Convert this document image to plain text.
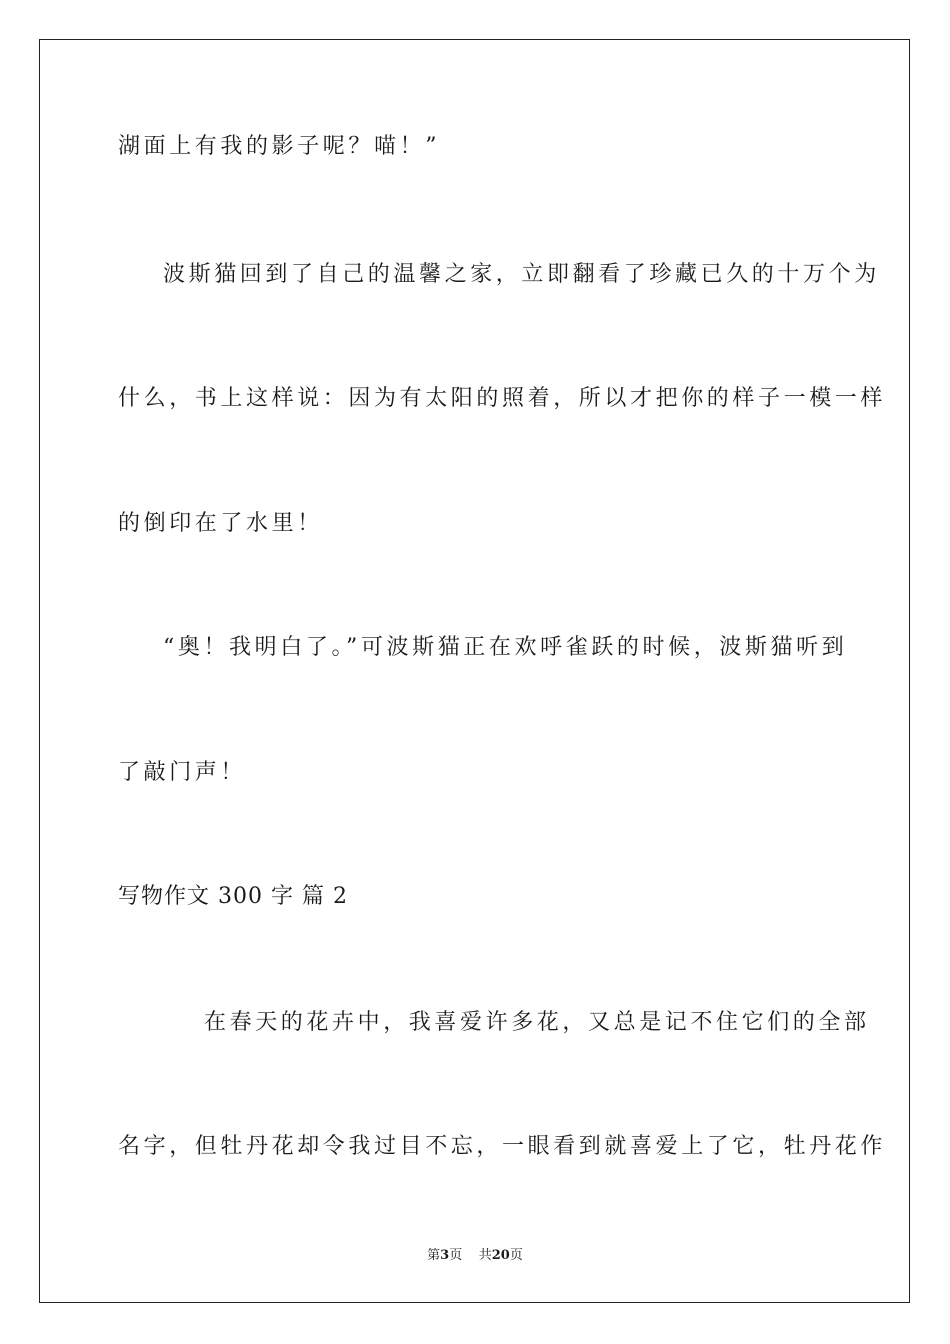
湖面上有我的影子呢？喵！”
波斯猫回到了自己的温馨之家，立即翻看了珍藏已久的十万个为
什么，书上这样说：因为有太阳的照着，所以才把你的样子一模一样
的倒印在了水里！
“奥！我明白了。”可波斯猫正在欢呼雀跃的时候，波斯猫听到
了敲门声！
写物作文 300 字 篇 2
在春天的花卉中，我喜爱许多花，又总是记不住它们的全部
名字，但牡丹花却令我过目不忘，一眼看到就喜爱上了它，牡丹花作
第3页 共20页
